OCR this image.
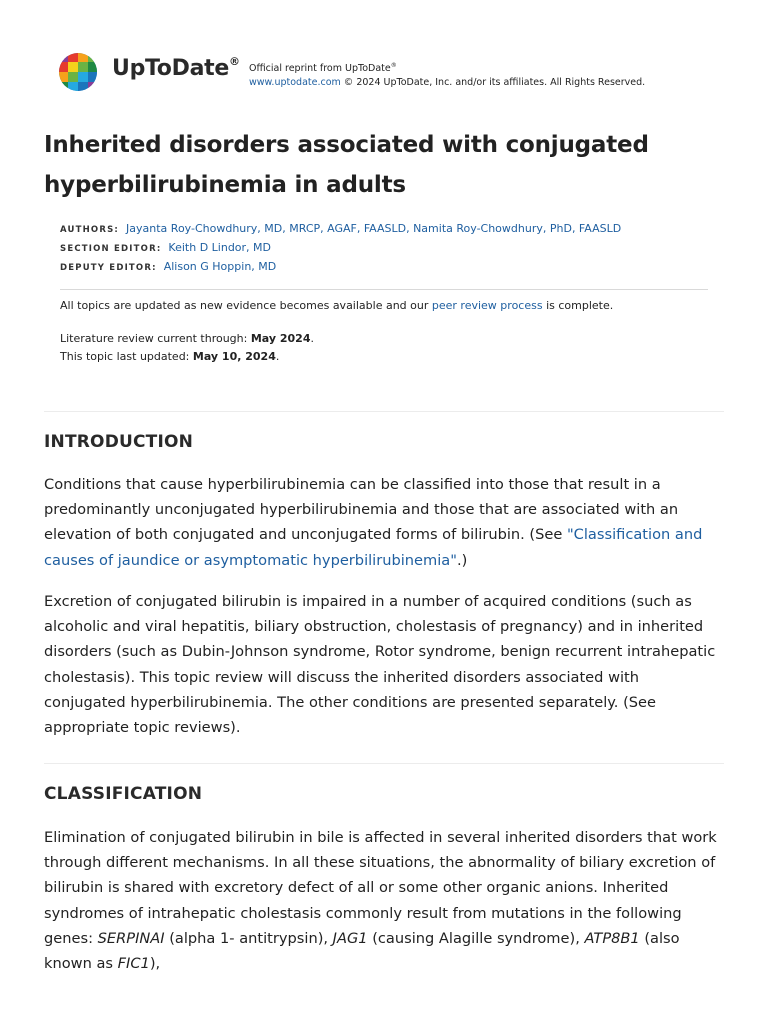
UpToDate®
Official reprint from UpToDate®
www.uptodate.com © 2024 UpToDate, Inc. and/or its affiliates. All Rights Reserved.
Inherited disorders associated with conjugated hyperbilirubinemia in adults
AUTHORS: Jayanta Roy-Chowdhury, MD, MRCP, AGAF, FAASLD, Namita Roy-Chowdhury, PhD, FAASLD
SECTION EDITOR: Keith D Lindor, MD
DEPUTY EDITOR: Alison G Hoppin, MD
All topics are updated as new evidence becomes available and our peer review process is complete.
Literature review current through: May 2024.
This topic last updated: May 10, 2024.
INTRODUCTION

Conditions that cause hyperbilirubinemia can be classified into those that result in a predominantly unconjugated hyperbilirubinemia and those that are associated with an elevation of both conjugated and unconjugated forms of bilirubin. (See "Classification and causes of jaundice or asymptomatic hyperbilirubinemia".)

Excretion of conjugated bilirubin is impaired in a number of acquired conditions (such as alcoholic and viral hepatitis, biliary obstruction, cholestasis of pregnancy) and in inherited disorders (such as Dubin-Johnson syndrome, Rotor syndrome, benign recurrent intrahepatic cholestasis). This topic review will discuss the inherited disorders associated with conjugated hyperbilirubinemia. The other conditions are presented separately. (See appropriate topic reviews).

CLASSIFICATION

Elimination of conjugated bilirubin in bile is affected in several inherited disorders that work through different mechanisms. In all these situations, the abnormality of biliary excretion of bilirubin is shared with excretory defect of all or some other organic anions. Inherited syndromes of intrahepatic cholestasis commonly result from mutations in the following genes: SERPINAI (alpha 1- antitrypsin), JAG1 (causing Alagille syndrome), ATP8B1 (also known as FIC1),
